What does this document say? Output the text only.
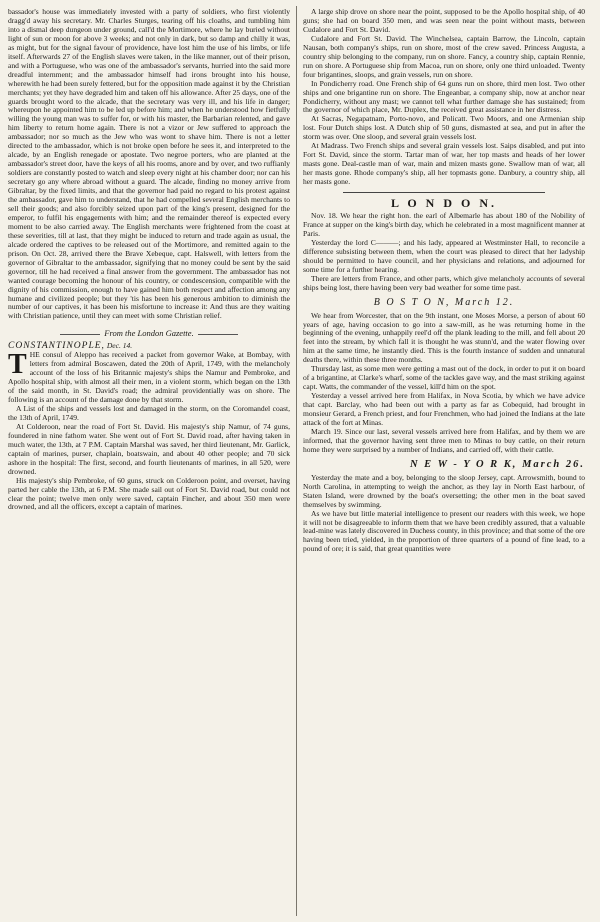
bassador's house was immediately invested with a party of soldiers, who first violently dragg'd away his secretary. Mr. Charles Sturges, tearing off his cloaths, and tumbling him into a dismal deep dungeon under ground, call'd the Mortimore, where he lay buried without light of sun or moon for above 3 weeks; and not only in dark, but so damp and chilly it was, as might, but for the signal favour of providence, have lost him the use of his limbs, or life itself. Afterwards 27 of the English slaves were taken, in the like manner, out of their prison, and with a Portuguese, who was one of the ambassador's servants, hurried into the said more dreadful internment; and the ambassador himself had irons brought into his house, wherewith he had been surely fettered, but for the opposition made against it by the Christian merchants; yet they have degraded him and taken off his allowance. After 25 days, one of the guards brought word to the alcade, that the secretary was very ill, and his life in danger; whereupon he appointed him to be led up before him; and when he understood how fietfully willing the young man was to suffer for, or with his master, the Barbarian relented, and gave him liberty to return home again. There is not a vizor or Jew suffered to approach the ambassador; nor so much as the Jew who was wont to shave him. There is not a letter directed to the ambassador, which is not broke open before he sees it, and interpreted to the alcade, by an English renegade or apostate. Two negroe porters, who are planted at the ambassador's street door, have the keys of all his rooms, anore and by over, and two ruffianly soldiers are constantly posted to watch and sleep every night at his chamber door; nor can his secretary go any where abroad without a guard. The alcade, finding no money arrive from Gibraltar, by the fixed limits, and that the governor had paid no regard to his protest against the ambassador, gave him to understand, that he had compelled several English merchants to sell their goods; and also forcibly seized upon part of the king's present, designed for the emperor, to fulfil his engagements with him; and the remainder thereof is expected every moment to be also carried away. The English merchants were frightened from the coast at these severities, till at last, that they might be induced to return and trade again as usual, the alcade ordered the captives to be released out of the Mortimore, and remitted again to the prison. On Oct. 28, arrived there the Brave Xebeque, capt. Halswell, with letters from the governor of Gibraltar to the ambassador, signifying that no money could be sent by the said governor, till he had received a final answer from the government. The ambassador has not wanted courage becoming the honour of his country, or condescension, compatible with the dignity of his commission, enough to have gained him both respect and affection among any humane and civilized people; but they 'tis has been his generous ambition to diminish the number of our captives, it has been his misfortune to increase it: And thus are they waiting with Christian patience, until they can meet with some Christian relief.

From the London Gazette.

CONSTANTINOPLE, Dec. 14.

THE consul of Aleppo has received a packet from governor Wake, at Bombay, with letters from admiral Boscawen, dated the 20th of April, 1749, with the melancholy account of the loss of his Britannic majesty's ships the Namur and Pembroke, and Apollo hospital ship, with almost all their men, in a violent storm, which began on the 13th of the said month, in St. David's road; the admiral providentially was on shore. The following is an account of the damage done by that storm.

A List of the ships and vessels lost and damaged in the storm, on the Coromandel coast, the 13th of April, 1749.

At Colderoon, near the road of Fort St. David. His majesty's ship Namur, of 74 guns, foundered in nine fathom water. She went out of Fort St. David road, after having taken in much water, the 13th, at 7 P.M. Captain Marshal was saved, her third lieutenant, Mr. Garlick, captain of marines, purser, chaplain, boatswain, and about 40 other people; and 70 sick ashore in the hospital: The first, second, and fourth lieutenants of marines, in all 520, were drowned.

His majesty's ship Pembroke, of 60 guns, struck on Colderoon point, and overset, having parted her cable the 13th, at 6 P.M. She made sail out of Fort St. David road, but could not clear the point; twelve men only were saved, captain Fincher, and about 350 men were drowned, and all the officers, except a captain of marines.

A large ship drove on shore near the point, supposed to be the Apollo hospital ship, of 40 guns; she had on board 350 men, and was seen near the point without masts, between Cudalore and Fort St. David.

Cudalore and Fort St. David. The Winchelsea, captain Barrow, the Lincoln, captain Nausan, both company's ships, run on shore, most of the crew saved. Princess Augusta, a country ship belonging to the company, run on shore. Fancy, a country ship, captain Rennie, run on shore. A Portuguese ship from Macoa, run on shore, only one third unloaded. Twenty four brigantines, sloops, and grain vessels, run on shore.

In Pondicherry road. One French ship of 64 guns run on shore, third men lost. Two other ships and one brigantine run on shore. The Engeanbar, a company ship, now at anchor near Pondicherry, without any mast; we cannot tell what further damage she has sustained; from the governor of which place, Mr. Duplex, the received great assistance in her distress.

At Sacras, Negapatnam, Porto-novo, and Policatt. Two Moors, and one Armenian ship lost. Four Dutch ships lost. A Dutch ship of 50 guns, dismasted at sea, and put in after the storm was over. One sloop, and several grain vessels lost.

At Madrass. Two French ships and several grain vessels lost. Saips disabled, and put into Fort St. David, since the storm. Tartar man of war, her top masts and heads of her lower masts gone. Deal-castle man of war, main and mizen masts gone. Swallow man of war, all her masts gone. Rhode company's ship, all her topmasts gone. Danbury, a country ship, all her masts gone.

L O N D O N.

Nov. 18. We hear the right hon. the earl of Albemarle has about 180 of the Nobility of France at supper on the king's birth day, which he celebrated in a most magnificent manner at Paris.

Yesterday the lord C———; and his lady, appeared at Westminster Hall, to reconcile a difference subsisting between them, when the court was pleased to direct that her ladyship should be permitted to have council, and her physicians and relations, and adjourned for some time for a further hearing.

There are letters from France, and other parts, which give melancholy accounts of several ships being lost, there having been very bad weather for some time past.

B O S T O N, March 12.

We hear from Worcester, that on the 9th instant, one Moses Morse, a person of about 60 years of age, having occasion to go into a saw-mill, as he was returning home in the beginning of the evening, unhappily reel'd off the plank leading to the mill, and fell about 20 feet into the stream, by which fall it is thought he was stunn'd, and the water flowing over him at the same time, he instantly died. This is the fourth instance of sudden and unnatural deaths there, within these three months.

Thursday last, as some men were getting a mast out of the dock, in order to put it on board of a brigantine, at Clarke's wharf, some of the tackles gave way, and the mast striking against capt. Watts, the commander of the vessel, kill'd him on the spot.

Yesterday a vessel arrived here from Halifax, in Nova Scotia, by which we have advice that capt. Barclay, who had been out with a party as far as Cobequid, had brought in monsieur Gerard, a French priest, and four Frenchmen, who had joined the Indians at the late attack of the fort at Minas.

March 19. Since our last, several vessels arrived here from Halifax, and by them we are informed, that the governor having sent three men to Minas to buy cattle, on their return home they were surprised by a number of Indians, and carried off, with their cattle.

N E W - Y O R K, March 26.

Yesterday the mate and a boy, belonging to the sloop Jersey, capt. Arrowsmith, bound to North Carolina, in attempting to weigh the anchor, as they lay in North East harbour, of Staten Island, were drowned by the boat's oversetting; the other men in the boat saved themselves by swimming.

As we have but little material intelligence to present our readers with this week, we hope it will not be disagreeable to inform them that we have been credibly assured, that a valuable lead-mine was lately discovered in Duchess county, in this province; and that some of the ore having been tried, yielded, in the proportion of three quarters of a pound of fine lead, to a pound of ore; it is said, that great quantities were
